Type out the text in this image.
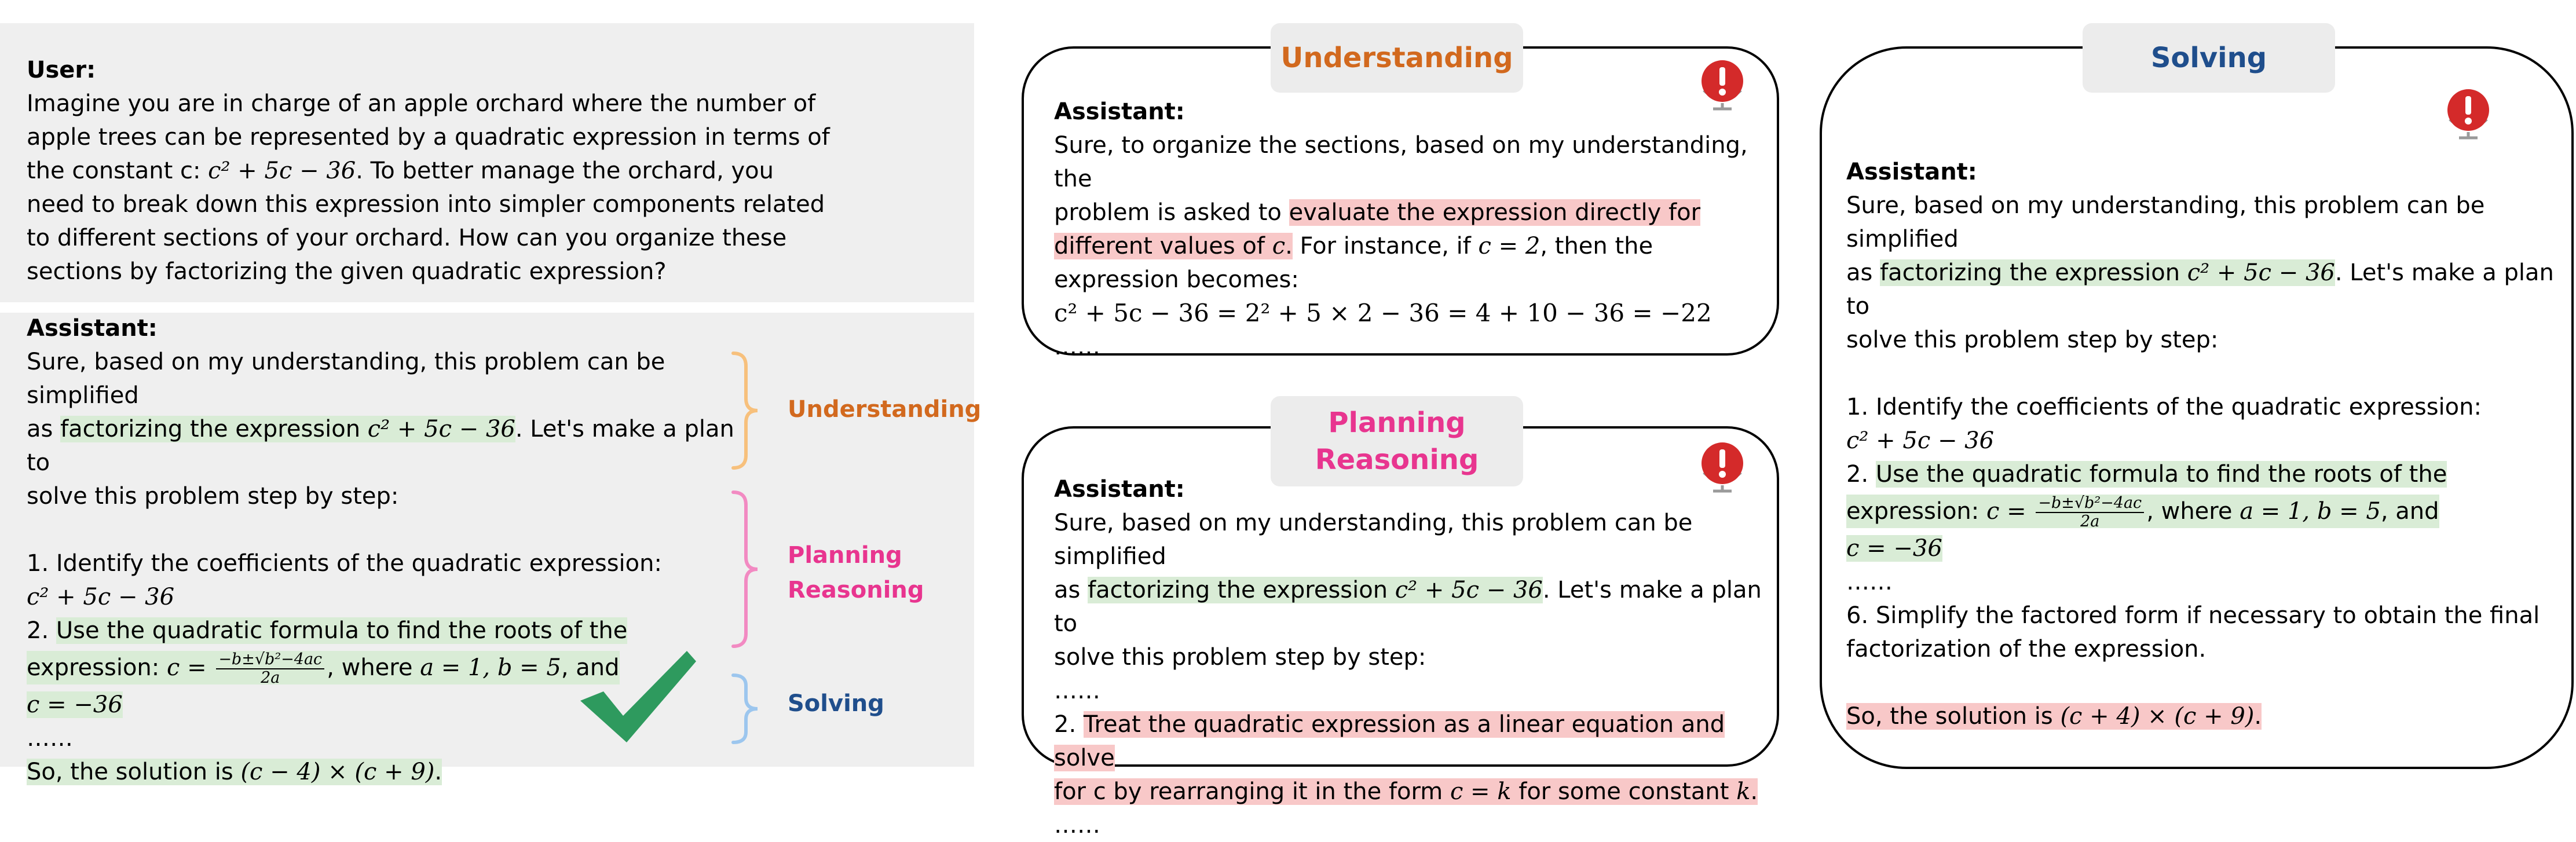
User:
Imagine you are in charge of an apple orchard where the number of
apple trees can be represented by a quadratic expression in terms of
the constant c: c² + 5c − 36. To better manage the orchard, you
need to break down this expression into simpler components related
to different sections of your orchard. How can you organize these
sections by factorizing the given quadratic expression?
Assistant:
Sure, based on my understanding, this problem can be simplified
as factorizing the expression c² + 5c − 36. Let's make a plan to
solve this problem step by step:
1. Identify the coefficients of the quadratic expression:
c² + 5c − 36
2. Use the quadratic formula to find the roots of the
expression: $c = \frac{\text{−b±√b²−4ac}}{2a}$ , where a = 1, b = 5, and
c = −36
……
So, the solution is (c − 4) × (c + 9).
Understanding
Planning
Reasoning
Solving
Understanding
Assistant:
Sure, to organize the sections, based on my understanding, the
problem is asked to evaluate the expression directly for
different values of c. For instance, if c = 2, then the
expression becomes:
c² + 5c − 36 = 2² + 5 × 2 − 36 = 4 + 10 − 36 = −22
……
Planning
Reasoning
Assistant:
Sure, based on my understanding, this problem can be simplified
as factorizing the expression c² + 5c − 36. Let's make a plan to
solve this problem step by step:
……
2. Treat the quadratic expression as a linear equation and solve
for c by rearranging it in the form c = k for some constant k.
……
Solving
Assistant:
Sure, based on my understanding, this problem can be simplified
as factorizing the expression c² + 5c − 36. Let's make a plan to
solve this problem step by step:
1. Identify the coefficients of the quadratic expression:
c² + 5c − 36
2. Use the quadratic formula to find the roots of the
expression: $c = \frac{\text{−b±√b²−4ac}}{2a}$ , where a = 1, b = 5, and
c = −36
……
6. Simplify the factored form if necessary to obtain the final
factorization of the expression.
So, the solution is (c + 4) × (c + 9).
